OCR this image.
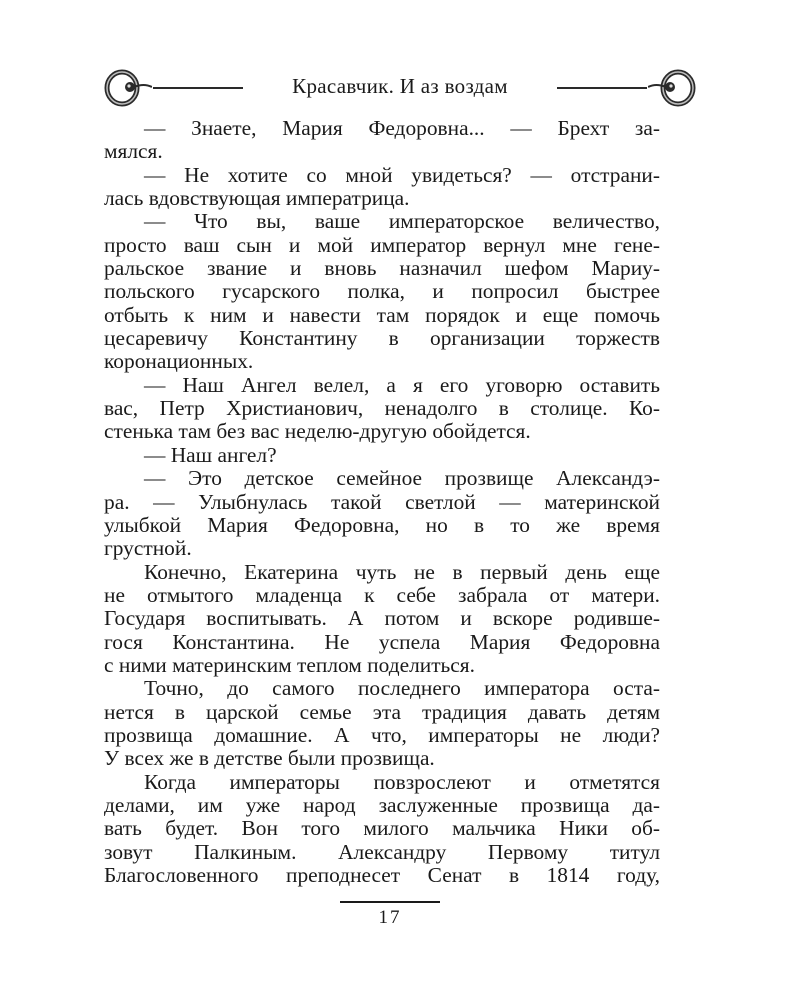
Красавчик. И аз воздам
— Знаете, Мария Федоровна... — Брехт за-
мялся.
— Не хотите со мной увидеться? — отстрани-
лась вдовствующая императрица.
— Что вы, ваше императорское величество,
просто ваш сын и мой император вернул мне гене-
ральское звание и вновь назначил шефом Мариу-
польского гусарского полка, и попросил быстрее
отбыть к ним и навести там порядок и еще помочь
цесаревичу Константину в организации торжеств
коронационных.
— Наш Ангел велел, а я его уговорю оставить
вас, Петр Христианович, ненадолго в столице. Ко-
стенька там без вас неделю-другую обойдется.
— Наш ангел?
— Это детское семейное прозвище Александэ-
ра. — Улыбнулась такой светлой — материнской
улыбкой Мария Федоровна, но в то же время
грустной.
Конечно, Екатерина чуть не в первый день еще
не отмытого младенца к себе забрала от матери.
Государя воспитывать. А потом и вскоре родивше-
гося Константина. Не успела Мария Федоровна
с ними материнским теплом поделиться.
Точно, до самого последнего императора оста-
нется в царской семье эта традиция давать детям
прозвища домашние. А что, императоры не люди?
У всех же в детстве были прозвища.
Когда императоры повзрослеют и отметятся
делами, им уже народ заслуженные прозвища да-
вать будет. Вон того милого мальчика Ники об-
зовут Палкиным. Александру Первому титул
Благословенного преподнесет Сенат в 1814 году,
17
